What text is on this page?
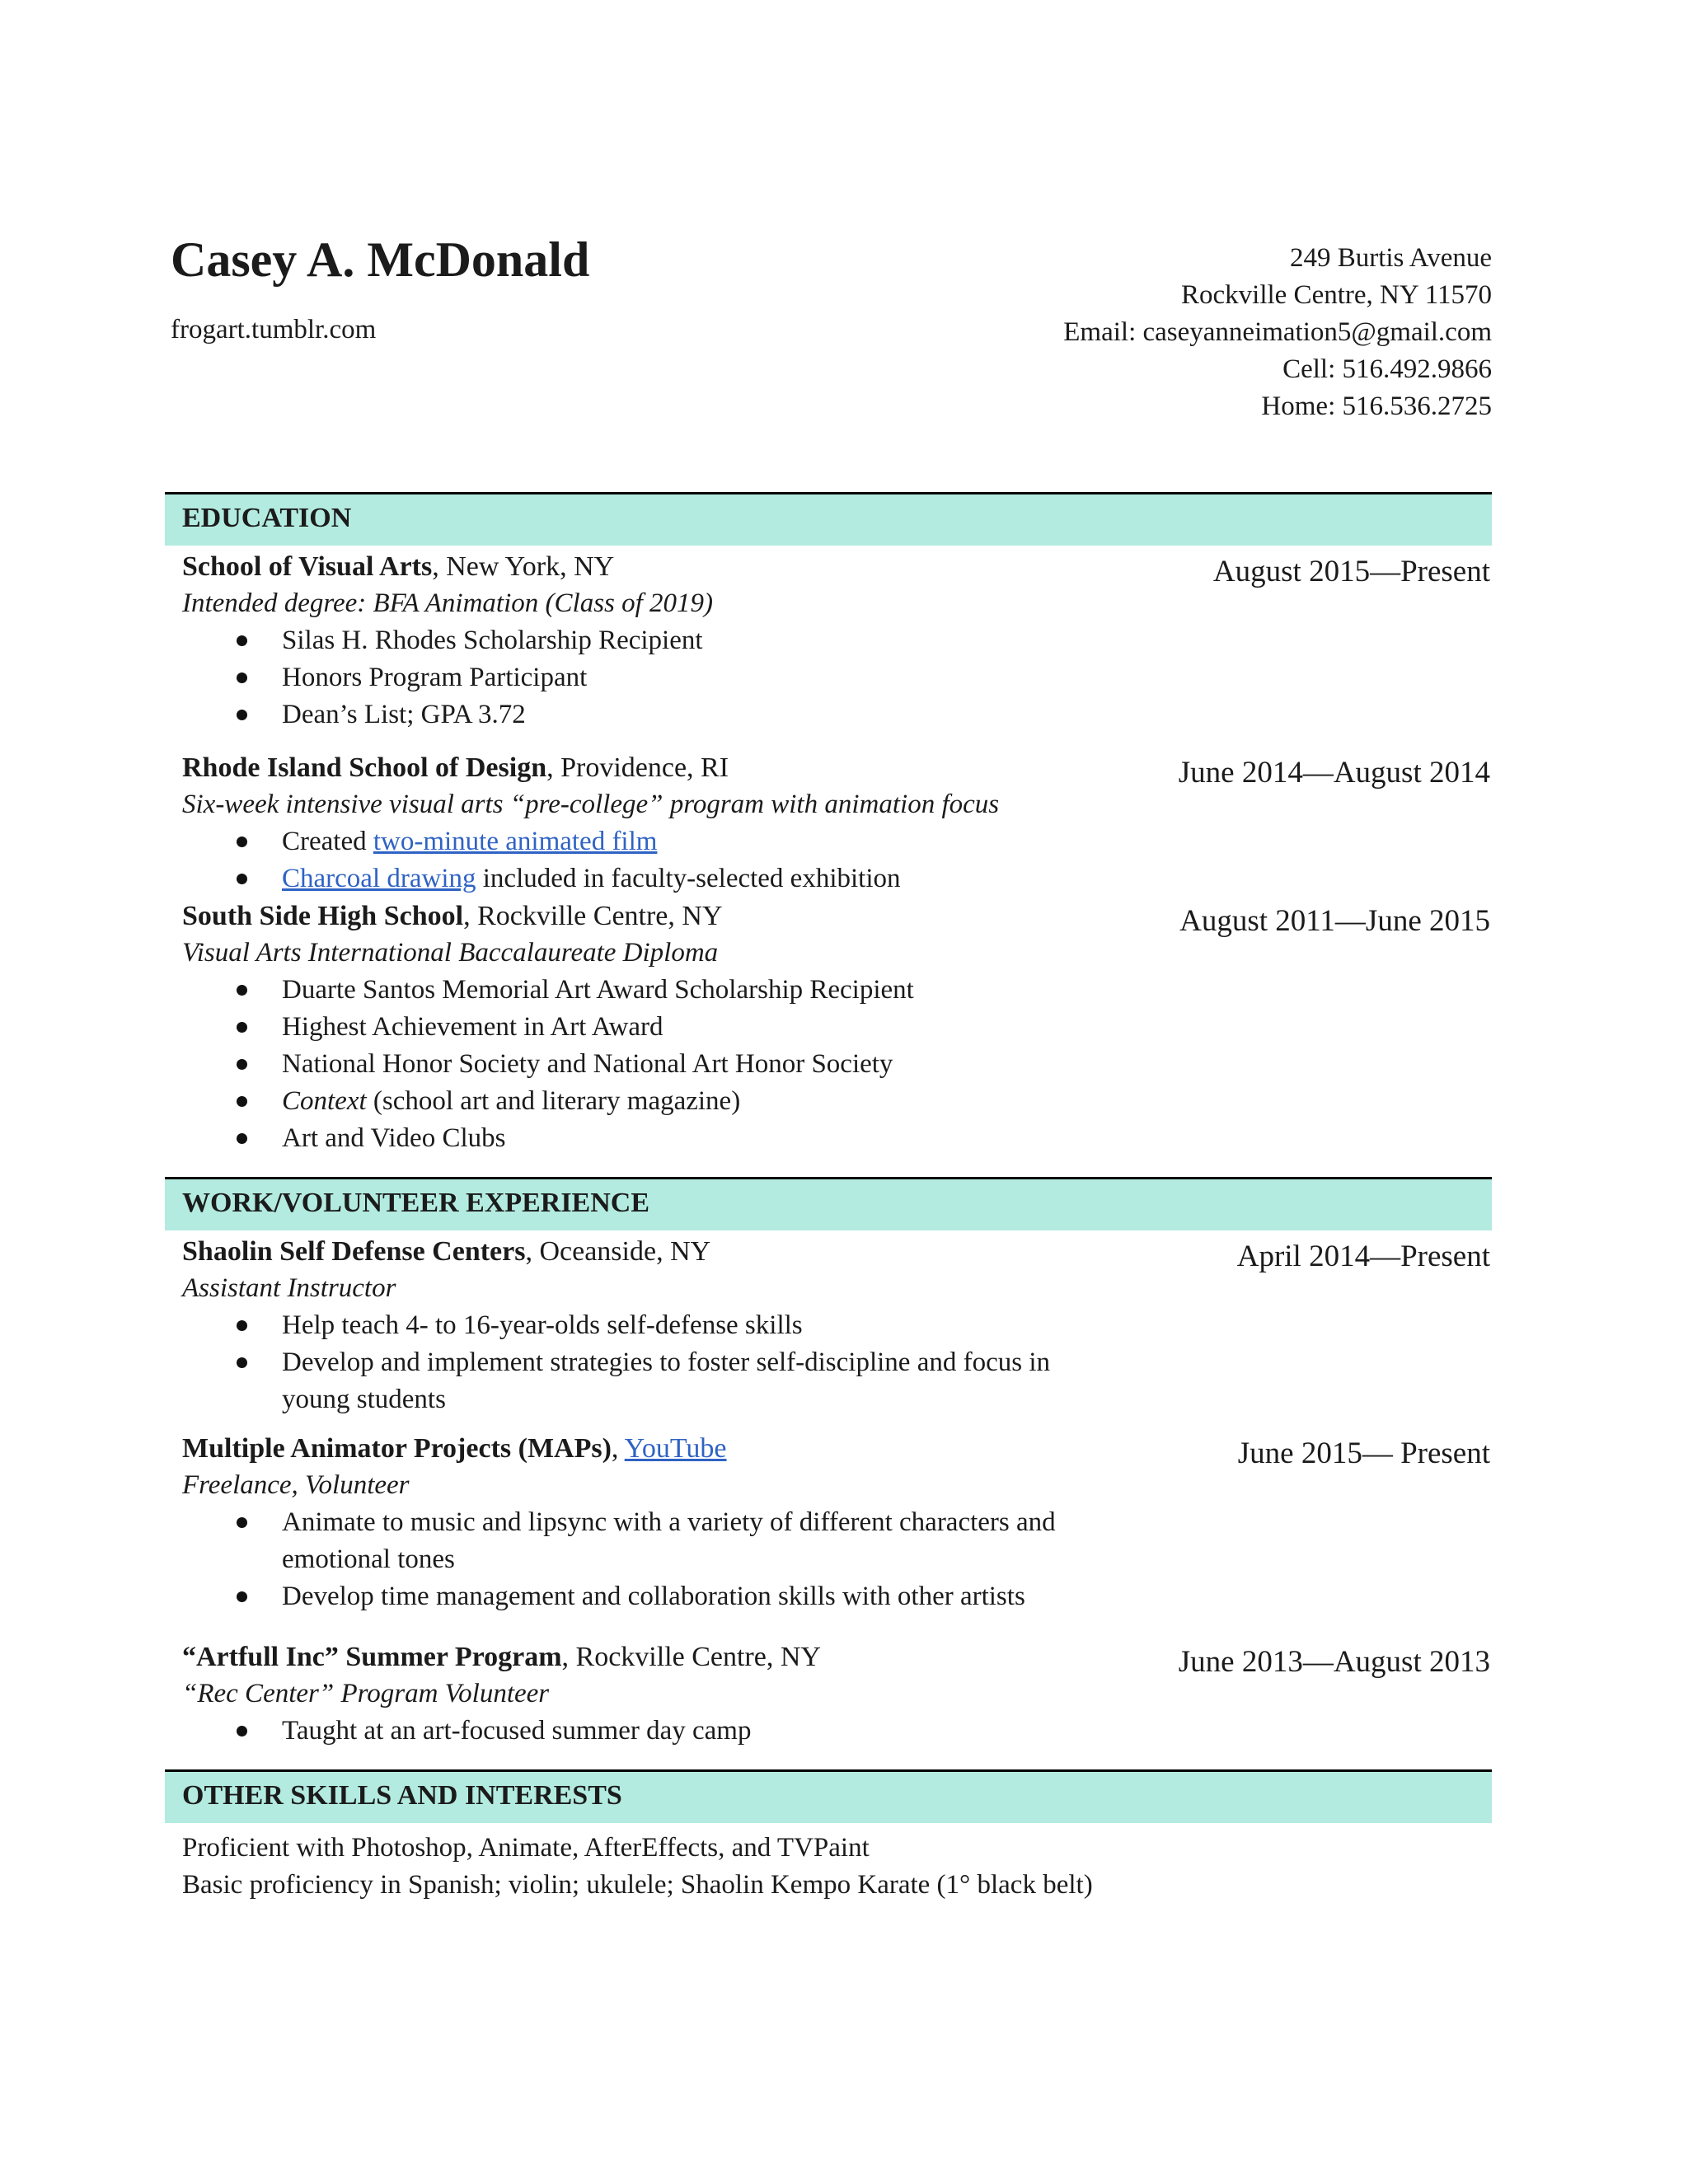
Casey A. McDonald
frogart.tumblr.com
249 Burtis Avenue
Rockville Centre, NY 11570
Email: caseyanneimation5@gmail.com
Cell: 516.492.9866
Home: 516.536.2725
EDUCATION
School of Visual Arts, New York, NY	August 2015—Present
Intended degree: BFA Animation (Class of 2019)
Silas H. Rhodes Scholarship Recipient
Honors Program Participant
Dean’s List; GPA 3.72
Rhode Island School of Design, Providence, RI	June 2014—August 2014
Six-week intensive visual arts “pre-college” program with animation focus
Created two-minute animated film
Charcoal drawing included in faculty-selected exhibition
South Side High School, Rockville Centre, NY	August 2011—June 2015
Visual Arts International Baccalaureate Diploma
Duarte Santos Memorial Art Award Scholarship Recipient
Highest Achievement in Art Award
National Honor Society and National Art Honor Society
Context (school art and literary magazine)
Art and Video Clubs
WORK/VOLUNTEER EXPERIENCE
Shaolin Self Defense Centers, Oceanside, NY	April 2014—Present
Assistant Instructor
Help teach 4- to 16-year-olds self-defense skills
Develop and implement strategies to foster self-discipline and focus in young students
Multiple Animator Projects (MAPs), YouTube	June 2015— Present
Freelance, Volunteer
Animate to music and lipsync with a variety of different characters and emotional tones
Develop time management and collaboration skills with other artists
“Artfull Inc” Summer Program, Rockville Centre, NY	June 2013—August 2013
“Rec Center” Program Volunteer
Taught at an art-focused summer day camp
OTHER SKILLS AND INTERESTS
Proficient with Photoshop, Animate, AfterEffects, and TVPaint
Basic proficiency in Spanish; violin; ukulele; Shaolin Kempo Karate (1° black belt)
